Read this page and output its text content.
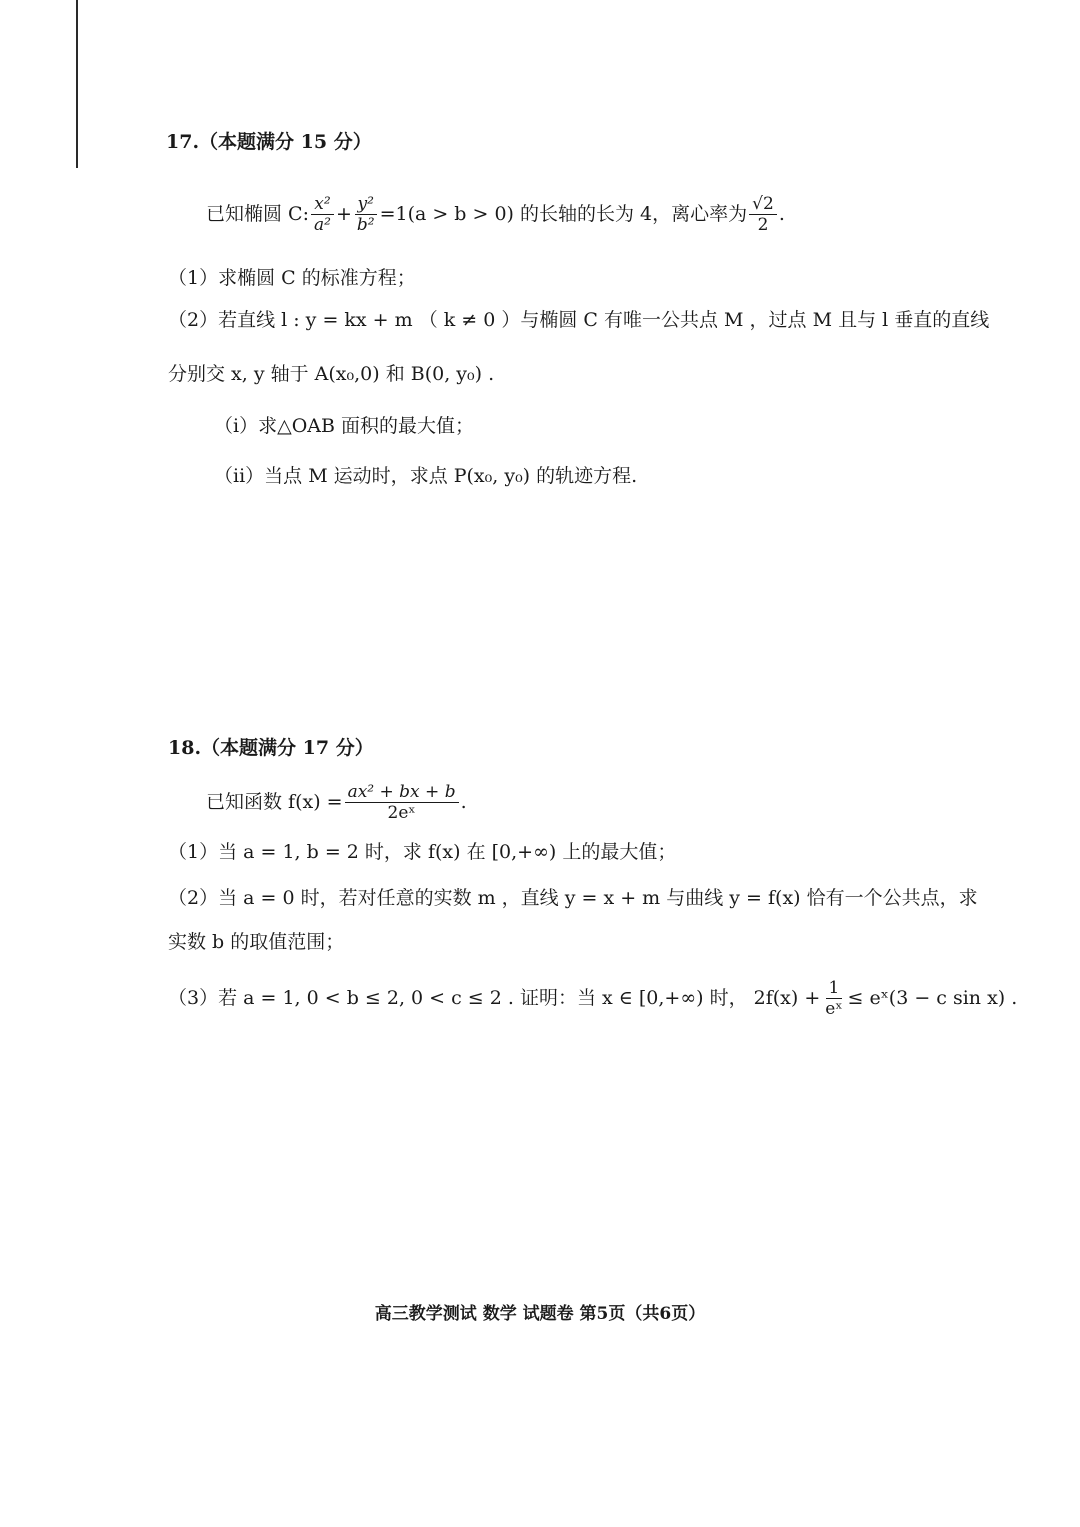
17.（本题满分 15 分）
已知椭圆 C: $\frac{\text{x²}}{\text{a²}} + \frac{\text{y²}}{\text{b²}} =1(a > b > 0)$ 的长轴的长为 4，离心率为 $\frac{√2}{2}$ .
（1）求椭圆 C 的标准方程；
（2）若直线 l : y = kx + m （ k ≠ 0 ）与椭圆 C 有唯一公共点 M ，过点 M 且与 l 垂直的直线
分别交 x, y 轴于 A(x₀,0) 和 B(0, y₀) .
（i）求△OAB 面积的最大值；
（ii）当点 M 运动时，求点 P(x₀, y₀) 的轨迹方程.
18.（本题满分 17 分）
已知函数 $f(x) = \frac{\text{ax² + bx + b}}{\text{2eˣ}}$ .
（1）当 a = 1, b = 2 时，求 f(x) 在 [0,+∞) 上的最大值；
（2）当 a = 0 时，若对任意的实数 m ，直线 y = x + m 与曲线 y = f(x) 恰有一个公共点，求
实数 b 的取值范围；
（3）若 a = 1, 0 < b ≤ 2, 0 < c ≤ 2 . 证明：当 x ∈ [0,+∞) 时， $2f(x) + \frac{1}{\text{eˣ}}$ ≤ eˣ(3 − c sin x) .
高三教学测试 数学 试题卷 第5页（共6页）
